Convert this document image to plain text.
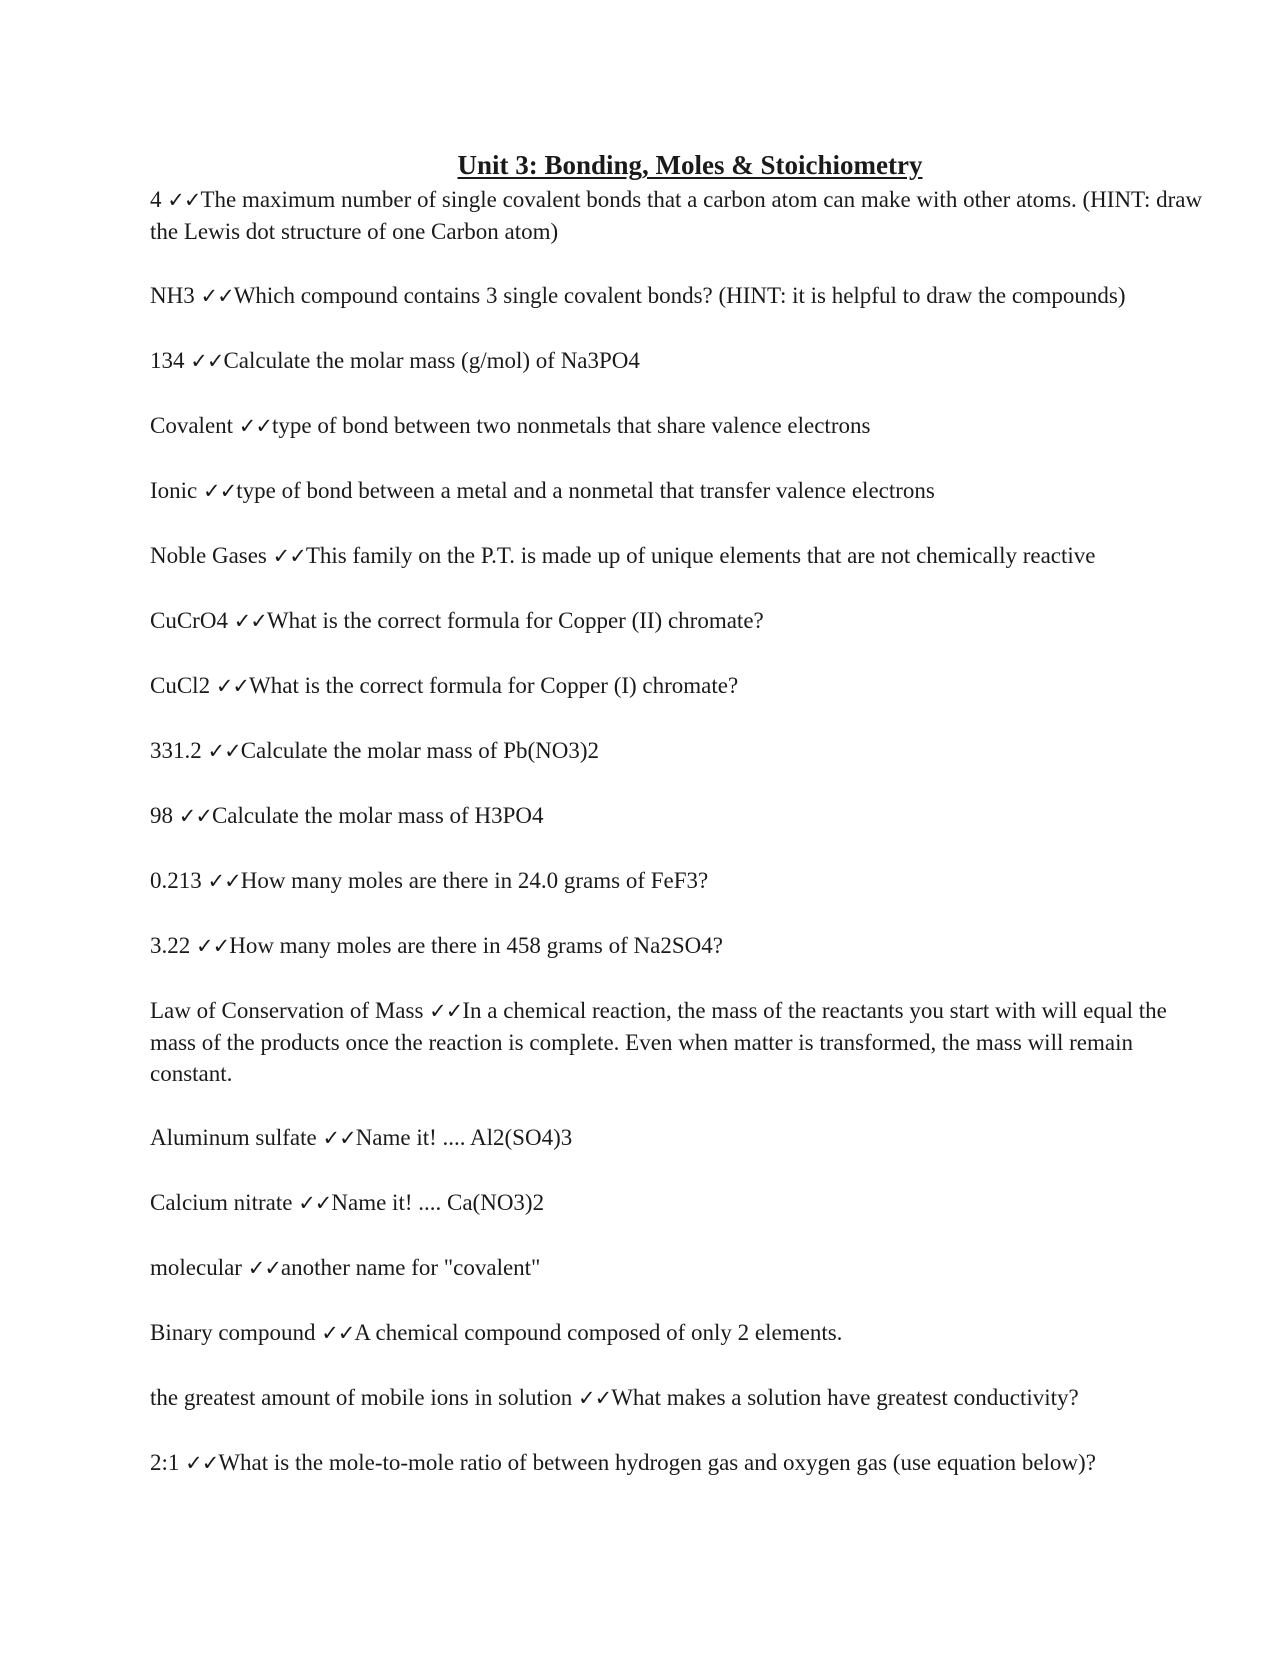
Unit 3: Bonding, Moles & Stoichiometry

4 ✓✓The maximum number of single covalent bonds that a carbon atom can make with other atoms. (HINT: draw the Lewis dot structure of one Carbon atom)

NH3 ✓✓Which compound contains 3 single covalent bonds? (HINT: it is helpful to draw the compounds)

134 ✓✓Calculate the molar mass (g/mol) of Na3PO4

Covalent ✓✓type of bond between two nonmetals that share valence electrons

Ionic ✓✓type of bond between a metal and a nonmetal that transfer valence electrons

Noble Gases ✓✓This family on the P.T. is made up of unique elements that are not chemically reactive

CuCrO4 ✓✓What is the correct formula for Copper (II) chromate?

CuCl2 ✓✓What is the correct formula for Copper (I) chromate?

331.2 ✓✓Calculate the molar mass of Pb(NO3)2

98 ✓✓Calculate the molar mass of H3PO4

0.213 ✓✓How many moles are there in 24.0 grams of FeF3?

3.22 ✓✓How many moles are there in 458 grams of Na2SO4?

Law of Conservation of Mass ✓✓In a chemical reaction, the mass of the reactants you start with will equal the mass of the products once the reaction is complete. Even when matter is transformed, the mass will remain constant.

Aluminum sulfate ✓✓Name it! .... Al2(SO4)3

Calcium nitrate ✓✓Name it! .... Ca(NO3)2

molecular ✓✓another name for "covalent"

Binary compound ✓✓A chemical compound composed of only 2 elements.

the greatest amount of mobile ions in solution ✓✓What makes a solution have greatest conductivity?

2:1 ✓✓What is the mole-to-mole ratio of between hydrogen gas and oxygen gas (use equation below)?
